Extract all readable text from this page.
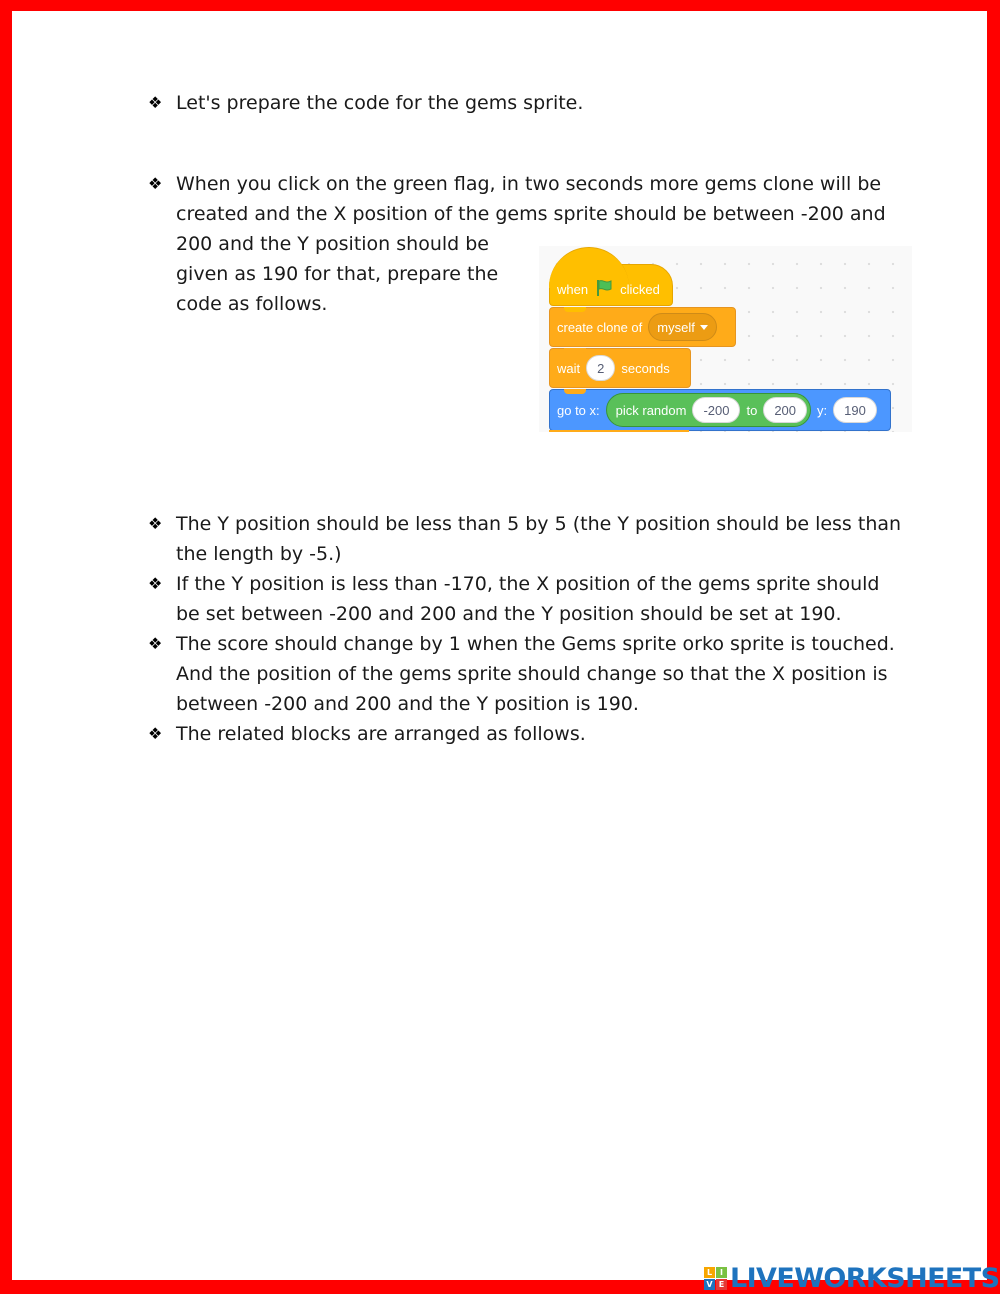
❖ Let's prepare the code for the gems sprite.
❖ When you click on the green flag, in two seconds more gems clone will be
created and the X position of the gems sprite should be between -200 and
200 and the Y position should be
given as 190 for that, prepare the
code as follows.
❖ The Y position should be less than 5 by 5 (the Y position should be less than
the length by -5.)
❖ If the Y position is less than -170, the X position of the gems sprite should
be set between -200 and 200 and the Y position should be set at 190.
❖ The score should change by 1 when the Gems sprite orko sprite is touched.
And the position of the gems sprite should change so that the X position is
between -200 and 200 and the Y position is 190.
❖ The related blocks are arranged as follows.
when clicked
create clone of myself
wait	2	seconds
go to x: pick random	-200	to	200	y:	190
L I
V E LIVEWORKSHEETS
